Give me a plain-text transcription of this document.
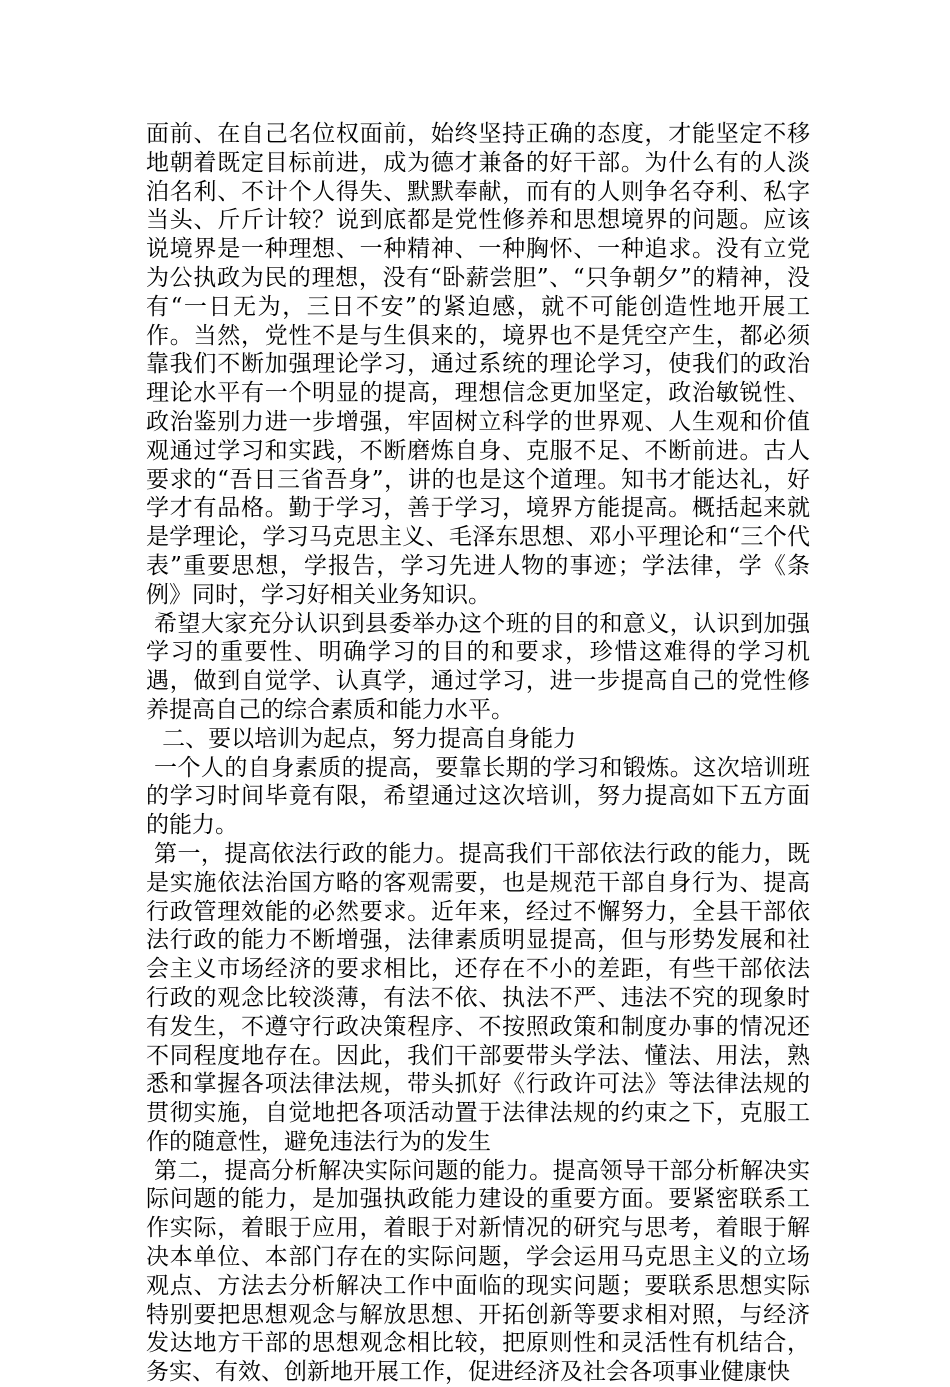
面前、在自己名位权面前，始终坚持正确的态度，才能坚定不移地朝着既定目标前进，成为德才兼备的好干部。为什么有的人淡泊名利、不计个人得失、默默奉献，而有的人则争名夺利、私字当头、斤斤计较？说到底都是党性修养和思想境界的问题。应该说境界是一种理想、一种精神、一种胸怀、一种追求。没有立党为公执政为民的理想，没有“卧薪尝胆”、“只争朝夕”的精神，没有“一日无为，三日不安”的紧迫感，就不可能创造性地开展工作。当然，党性不是与生俱来的，境界也不是凭空产生，都必须靠我们不断加强理论学习，通过系统的理论学习，使我们的政治理论水平有一个明显的提高，理想信念更加坚定，政治敏锐性、政治鉴别力进一步增强，牢固树立科学的世界观、人生观和价值观通过学习和实践，不断磨炼自身、克服不足、不断前进。古人要求的“吾日三省吾身”，讲的也是这个道理。知书才能达礼，好学才有品格。勤于学习，善于学习，境界方能提高。概括起来就是学理论，学习马克思主义、毛泽东思想、邓小平理论和“三个代表”重要思想，学报告，学习先进人物的事迹；学法律，学《条例》同时，学习好相关业务知识。

希望大家充分认识到县委举办这个班的目的和意义，认识到加强学习的重要性、明确学习的目的和要求，珍惜这难得的学习机遇，做到自觉学、认真学，通过学习，进一步提高自己的党性修养提高自己的综合素质和能力水平。

二、要以培训为起点，努力提高自身能力

一个人的自身素质的提高，要靠长期的学习和锻炼。这次培训班的学习时间毕竟有限，希望通过这次培训，努力提高如下五方面的能力。

第一，提高依法行政的能力。提高我们干部依法行政的能力，既是实施依法治国方略的客观需要，也是规范干部自身行为、提高行政管理效能的必然要求。近年来，经过不懈努力，全县干部依法行政的能力不断增强，法律素质明显提高，但与形势发展和社会主义市场经济的要求相比，还存在不小的差距，有些干部依法行政的观念比较淡薄，有法不依、执法不严、违法不究的现象时有发生，不遵守行政决策程序、不按照政策和制度办事的情况还不同程度地存在。因此，我们干部要带头学法、懂法、用法，熟悉和掌握各项法律法规，带头抓好《行政许可法》等法律法规的贯彻实施，自觉地把各项活动置于法律法规的约束之下，克服工作的随意性，避免违法行为的发生

第二，提高分析解决实际问题的能力。提高领导干部分析解决实际问题的能力，是加强执政能力建设的重要方面。要紧密联系工作实际，着眼于应用，着眼于对新情况的研究与思考，着眼于解决本单位、本部门存在的实际问题，学会运用马克思主义的立场观点、方法去分析解决工作中面临的现实问题；要联系思想实际特别要把思想观念与解放思想、开拓创新等要求相对照，与经济发达地方干部的思想观念相比较，把原则性和灵活性有机结合，务实、有效、创新地开展工作，促进经济及社会各项事业健康快
